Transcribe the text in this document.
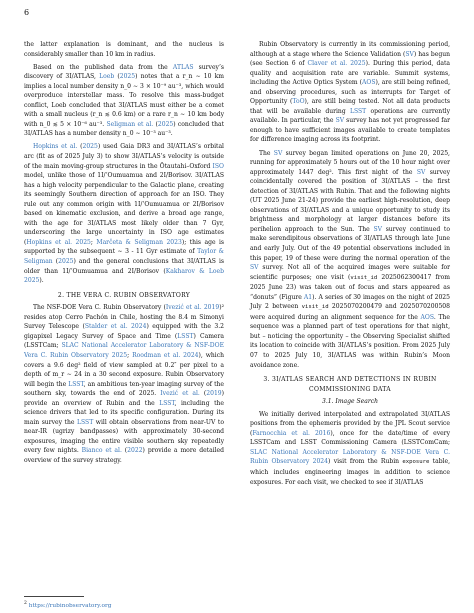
6

the latter explanation is dominant, and the nucleus is considerably smaller than 10 km in radius.

Based on the published data from the ATLAS survey’s discovery of 3I/ATLAS, Loeb (2025) notes that a r_n ∼ 10 km implies a local number density n_0 ∼ 3 × 10⁻⁹ au⁻³, which would overproduce interstellar mass. To resolve this mass-budget conflict, Loeb concluded that 3I/ATLAS must either be a comet with a small nucleus (r_n ≲ 0.6 km) or a rare r_n ∼ 10 km body with n_0 ≲ 5 × 10⁻⁶ au⁻³. Seligman et al. (2025) concluded that 3I/ATLAS has a number density n_0 ∼ 10⁻³ au⁻³.

Hopkins et al. (2025) used Gaia DR3 and 3I/ATLAS’s orbital arc (fit as of 2025 July 3) to show 3I/ATLAS’s velocity is outside of the main moving-group structures in the Ōtautahi–Oxford ISO model, unlike those of 1I/ʻOumuamua and 2I/Borisov. 3I/ATLAS has a high velocity perpendicular to the Galactic plane, creating its seemingly Southern direction of approach for an ISO. They rule out any common origin with 1I/ʻOumuamua or 2I/Borisov based on kinematic exclusion, and derive a broad age range, with the age for 3I/ATLAS most likely older than 7 Gyr, underscoring the large uncertainty in ISO age estimates (Hopkins et al. 2025; Marčeta & Seligman 2023); this age is supported by the subsequent ∼ 3 - 11 Gyr estimate of Taylor & Seligman (2025) and the general conclusions that 3I/ATLAS is older than 1I/ʻOumuamua and 2I/Borisov (Kakharov & Loeb 2025).

2. THE VERA C. RUBIN OBSERVATORY

The NSF-DOE Vera C. Rubin Observatory (Ivezić et al. 2019)² resides atop Cerro Pachón in Chile, hosting the 8.4 m Simonyi Survey Telescope (Stalder et al. 2024) equipped with the 3.2 gigapixel Legacy Survey of Space and Time (LSST) Camera (LSSTCam; SLAC National Accelerator Laboratory & NSF-DOE Vera C. Rubin Observatory 2025; Roodman et al. 2024), which covers a 9.6 deg² field of view sampled at 0.2″ per pixel to a depth of m_r ∼ 24 in a 30 second exposure. Rubin Observatory will begin the LSST, an ambitious ten-year imaging survey of the southern sky, towards the end of 2025. Ivezić et al. (2019) provide an overview of Rubin and the LSST, including the science drivers that led to its specific configuration. During its main survey the LSST will obtain observations from near-UV to near-IR (ugrizy bandpasses) with approximately 30-second exposures, imaging the entire visible southern sky repeatedly every few nights. Bianco et al. (2022) provide a more detailed overview of the survey strategy.

Rubin Observatory is currently in its commissioning period, although at a stage where the Science Validation (SV) has begun (see Section 6 of Claver et al. 2025). During this period, data quality and acquisition rate are variable. Summit systems, including the Active Optics System (AOS), are still being refined, and observing procedures, such as interrupts for Target of Opportunity (ToO), are still being tested. Not all data products that will be available during LSST operations are currently available. In particular, the SV survey has not yet progressed far enough to have sufficient images available to create templates for difference imaging across its footprint.

The SV survey began limited operations on June 20, 2025, running for approximately 5 hours out of the 10 hour night over approximately 1447 deg². This first night of the SV survey coincidentally covered the position of 3I/ATLAS – the first detection of 3I/ATLAS with Rubin. That and the following nights (UT 2025 June 21-24) provide the earliest high-resolution, deep observations of 3I/ATLAS and a unique opportunity to study its brightness and morphology at larger distances before its perihelion approach to the Sun. The SV survey continued to make serendipitous observations of 3I/ATLAS through late June and early July. Out of the 49 potential observations included in this paper, 19 of these were during the normal operation of the SV survey. Not all of the acquired images were suitable for scientific purposes; one visit (visit_id 2025062300417 from 2025 June 23) was taken out of focus and stars appeared as “donuts” (Figure A1). A series of 30 images on the night of 2025 July 2 between visit_id 2025070200479 and 2025070200508 were acquired during an alignment sequence for the AOS. The sequence was a planned part of test operations for that night, but – noticing the opportunity – the Observing Specialist shifted its location to coincide with 3I/ATLAS’s position. From 2025 July 07 to 2025 July 10, 3I/ATLAS was within Rubin’s Moon avoidance zone.

3. 3I/ATLAS SEARCH AND DETECTIONS IN RUBIN COMMISSIONING DATA
3.1. Image Search

We initially derived interpolated and extrapolated 3I/ATLAS positions from the ephemeris provided by the JPL Scout service (Farnocchia et al. 2016), once for the date/time of every LSSTCam and LSST Commissioning Camera (LSSTComCam; SLAC National Accelerator Laboratory & NSF-DOE Vera C. Rubin Observatory 2024) visit from the Rubin exposure table, which includes engineering images in addition to science exposures. For each visit, we checked to see if 3I/ATLAS

$^2$ https://rubinobservatory.org
